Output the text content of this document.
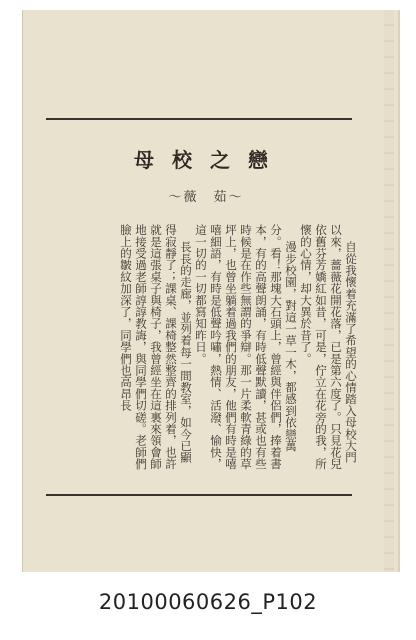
母校之戀
～薇　茹～

自從我懷着充滿了希望的心情踏入母校大門以來，薔薇花開花落，已是第六度了。只見花兒依舊芬芳嬌紅如昔，可是，佇立在花旁的我，所懷的心情，却大異於昔了。

漫步校園，對這一草一木，都感到依戀萬分。看！那塊大石頭上，曾經與伴侶們，捧着書本，有的高聲朗誦，有時低聲默讀，甚或也有些時候是在作些無謂的爭辯。那一片柔軟青綠的草坪上，也曾坐躺着過我們的朋友，他們有時是嘻嘻細語，有時是低聲吟嘯，熱情、活潑、愉快，這一切的一切都寫知昨日。

長長的走廊，並列着每一間教室，如今已顯得寂靜了；課桌、課椅整然整齊的排列着，也許就是這張桌子與椅子，我曾經坐在這裏來領會師地接受過老師諄諄教誨，與同學們切磋。老師們臉上的皺紋加深了，同學們也高昂長

20100060626_P102
